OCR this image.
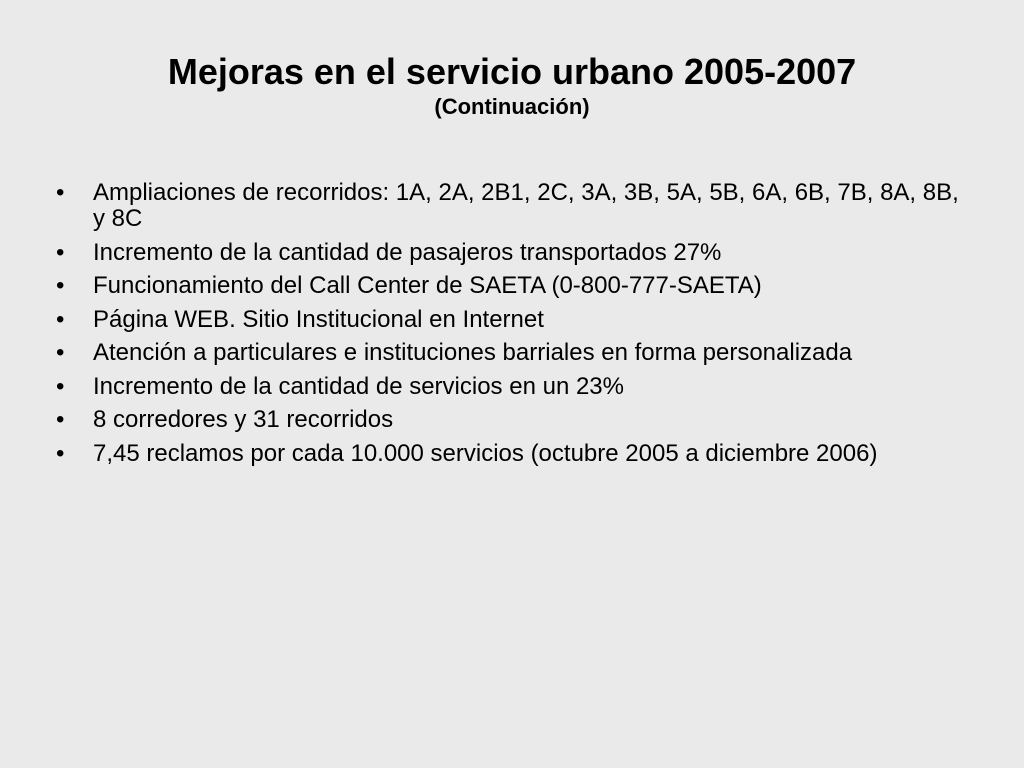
Mejoras en el servicio urbano 2005-2007
(Continuación)
• Ampliaciones de recorridos: 1A, 2A, 2B1, 2C, 3A, 3B, 5A, 5B, 6A, 6B, 7B, 8A, 8B, y 8C
• Incremento de la cantidad de pasajeros transportados 27%
• Funcionamiento del Call Center de SAETA (0-800-777-SAETA)
• Página WEB. Sitio Institucional en Internet
• Atención a particulares e instituciones barriales en forma personalizada
• Incremento de la cantidad de servicios en un 23%
• 8 corredores y 31 recorridos
• 7,45 reclamos por cada 10.000 servicios (octubre 2005 a diciembre 2006)
